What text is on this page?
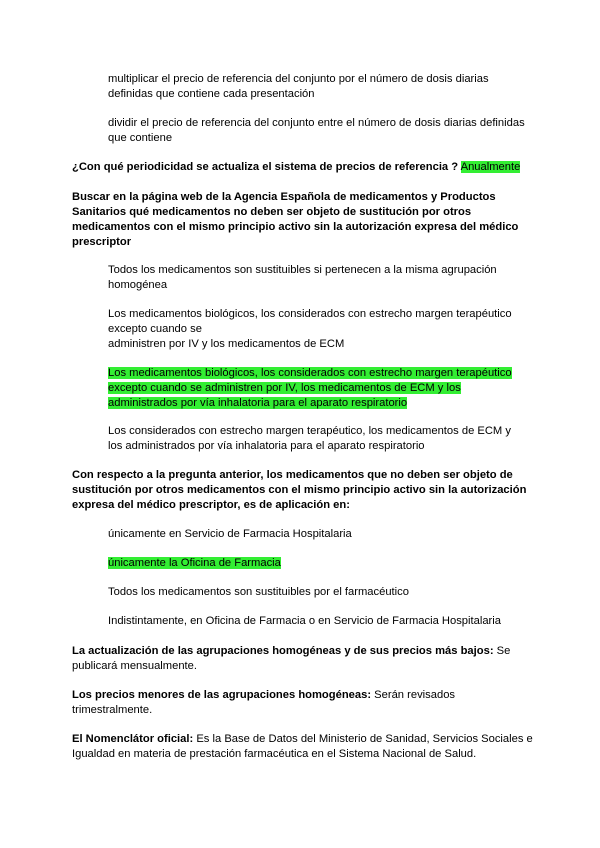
multiplicar el precio de referencia del conjunto por el número de dosis diarias definidas que contiene cada presentación

dividir el precio de referencia del conjunto entre el número de dosis diarias definidas que contiene

¿Con qué periodicidad se actualiza el sistema de precios de referencia ? Anualmente

Buscar en la página web de la Agencia Española de medicamentos y Productos Sanitarios qué medicamentos no deben ser objeto de sustitución por otros medicamentos con el mismo principio activo sin la autorización expresa del médico prescriptor

Todos los medicamentos son sustituibles si pertenecen a la misma agrupación homogénea

Los medicamentos biológicos, los considerados con estrecho margen terapéutico excepto cuando se
administren por IV y los medicamentos de ECM

Los medicamentos biológicos, los considerados con estrecho margen terapéutico excepto cuando se administren por IV, los medicamentos de ECM y los administrados por vía inhalatoria para el aparato respiratorio

Los considerados con estrecho margen terapéutico, los medicamentos de ECM y los administrados por vía inhalatoria para el aparato respiratorio

Con respecto a la pregunta anterior, los medicamentos que no deben ser objeto de sustitución por otros medicamentos con el mismo principio activo sin la autorización expresa del médico prescriptor, es de aplicación en:

únicamente en Servicio de Farmacia Hospitalaria

únicamente la Oficina de Farmacia

Todos los medicamentos son sustituibles por el farmacéutico

Indistintamente, en Oficina de Farmacia o en Servicio de Farmacia Hospitalaria

La actualización de las agrupaciones homogéneas y de sus precios más bajos: Se publicará mensualmente.

Los precios menores de las agrupaciones homogéneas: Serán revisados trimestralmente.

El Nomenclátor oficial: Es la Base de Datos del Ministerio de Sanidad, Servicios Sociales e Igualdad en materia de prestación farmacéutica en el Sistema Nacional de Salud.
